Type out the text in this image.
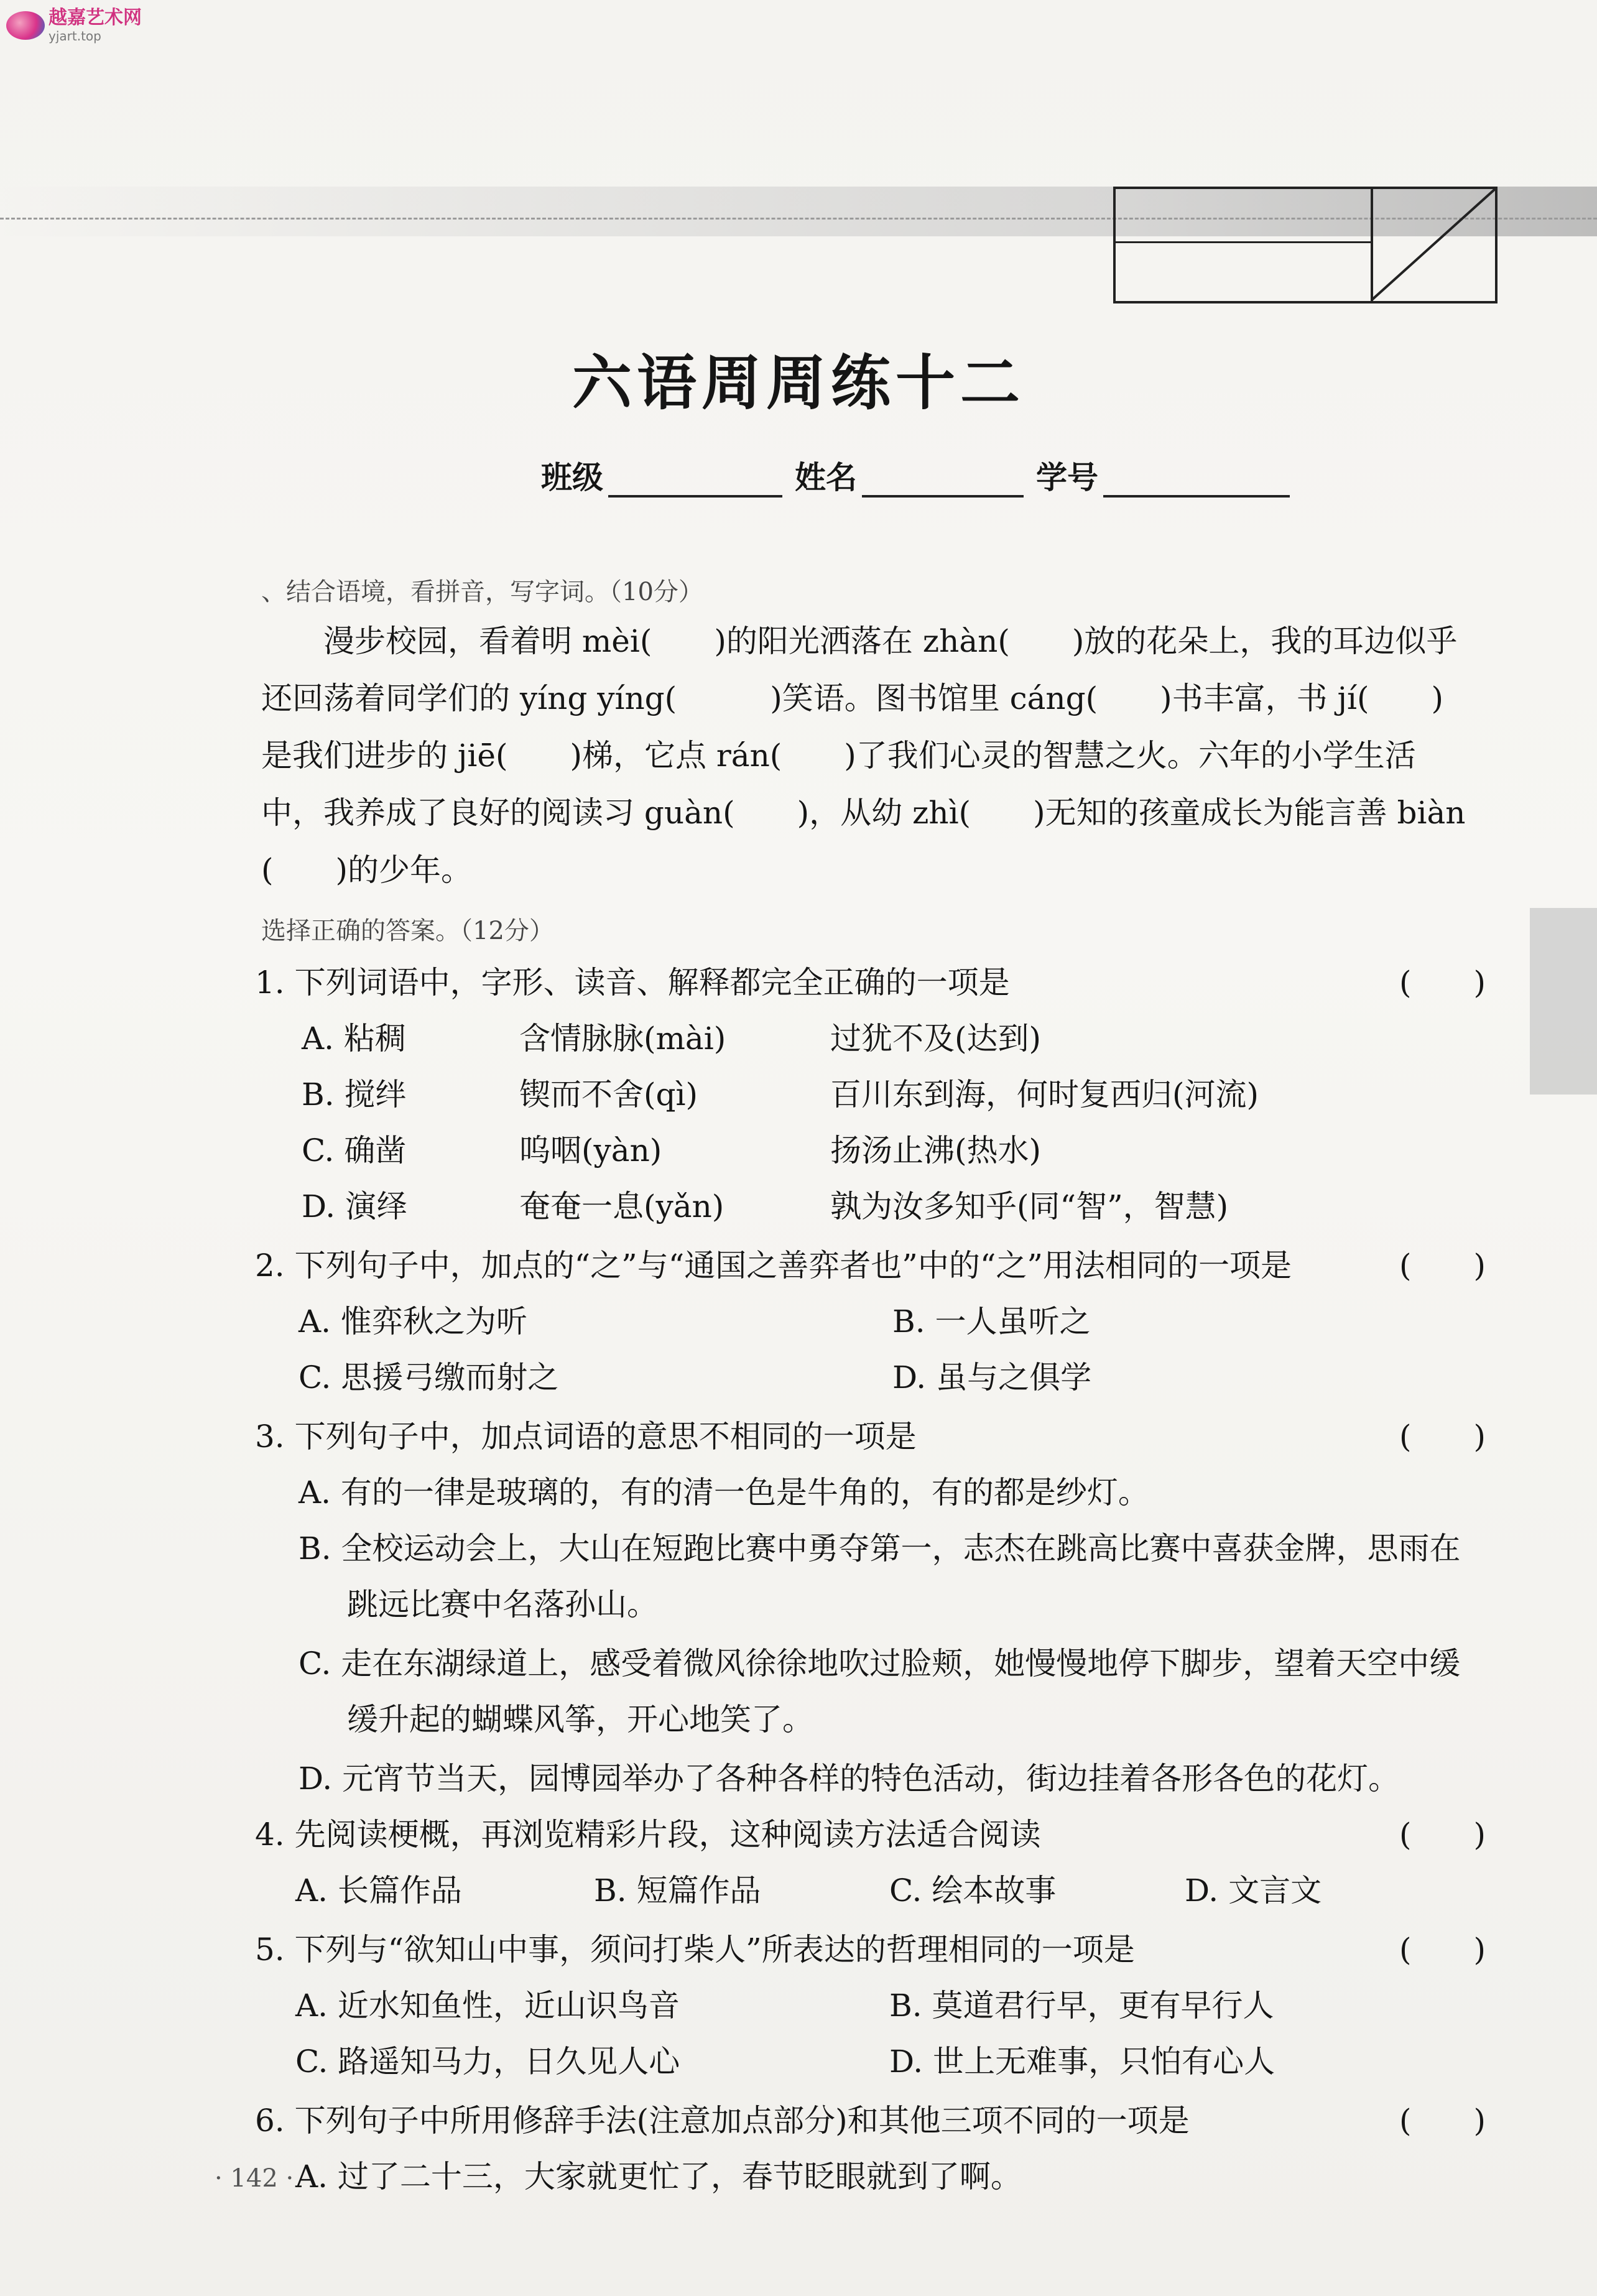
越嘉艺术网
yjart.top
六语周周练十二
班级	姓名	学号
、结合语境，看拼音，写字词。（10分）
漫步校园，看着明 mèi(　　)的阳光洒落在 zhàn(　　)放的花朵上，我的耳边似乎
还回荡着同学们的 yíng yíng(　　　)笑语。图书馆里 cáng(　　)书丰富，书 jí(　　)
是我们进步的 jiē(　　)梯，它点 rán(　　)了我们心灵的智慧之火。六年的小学生活
中，我养成了良好的阅读习 guàn(　　)，从幼 zhì(　　)无知的孩童成长为能言善 biàn
(　　)的少年。
选择正确的答案。（12分）
1. 下列词语中，字形、读音、解释都完全正确的一项是	(　　)
A. 粘稠	含情脉脉(mài)	过犹不及(达到)
B. 搅绊	锲而不舍(qì)	百川东到海，何时复西归(河流)
C. 确凿	呜咽(yàn)	扬汤止沸(热水)
D. 演绎	奄奄一息(yǎn)	孰为汝多知乎(同“智”，智慧)
2. 下列句子中，加点的“之”与“通国之善弈者也”中的“之”用法相同的一项是	(　　)
A. 惟弈秋之为听	B. 一人虽听之
C. 思援弓缴而射之	D. 虽与之俱学
3. 下列句子中，加点词语的意思不相同的一项是	(　　)
A. 有的一律是玻璃的，有的清一色是牛角的，有的都是纱灯。
B. 全校运动会上，大山在短跑比赛中勇夺第一，志杰在跳高比赛中喜获金牌，思雨在
跳远比赛中名落孙山。
C. 走在东湖绿道上，感受着微风徐徐地吹过脸颊，她慢慢地停下脚步，望着天空中缓
缓升起的蝴蝶风筝，开心地笑了。
D. 元宵节当天，园博园举办了各种各样的特色活动，街边挂着各形各色的花灯。
4. 先阅读梗概，再浏览精彩片段，这种阅读方法适合阅读	(　　)
A. 长篇作品	B. 短篇作品	C. 绘本故事	D. 文言文
5. 下列与“欲知山中事，须问打柴人”所表达的哲理相同的一项是	(　　)
A. 近水知鱼性，近山识鸟音	B. 莫道君行早，更有早行人
C. 路遥知马力，日久见人心	D. 世上无难事，只怕有心人
6. 下列句子中所用修辞手法(注意加点部分)和其他三项不同的一项是	(　　)
A. 过了二十三，大家就更忙了，春节眨眼就到了啊。
· 142 ·
